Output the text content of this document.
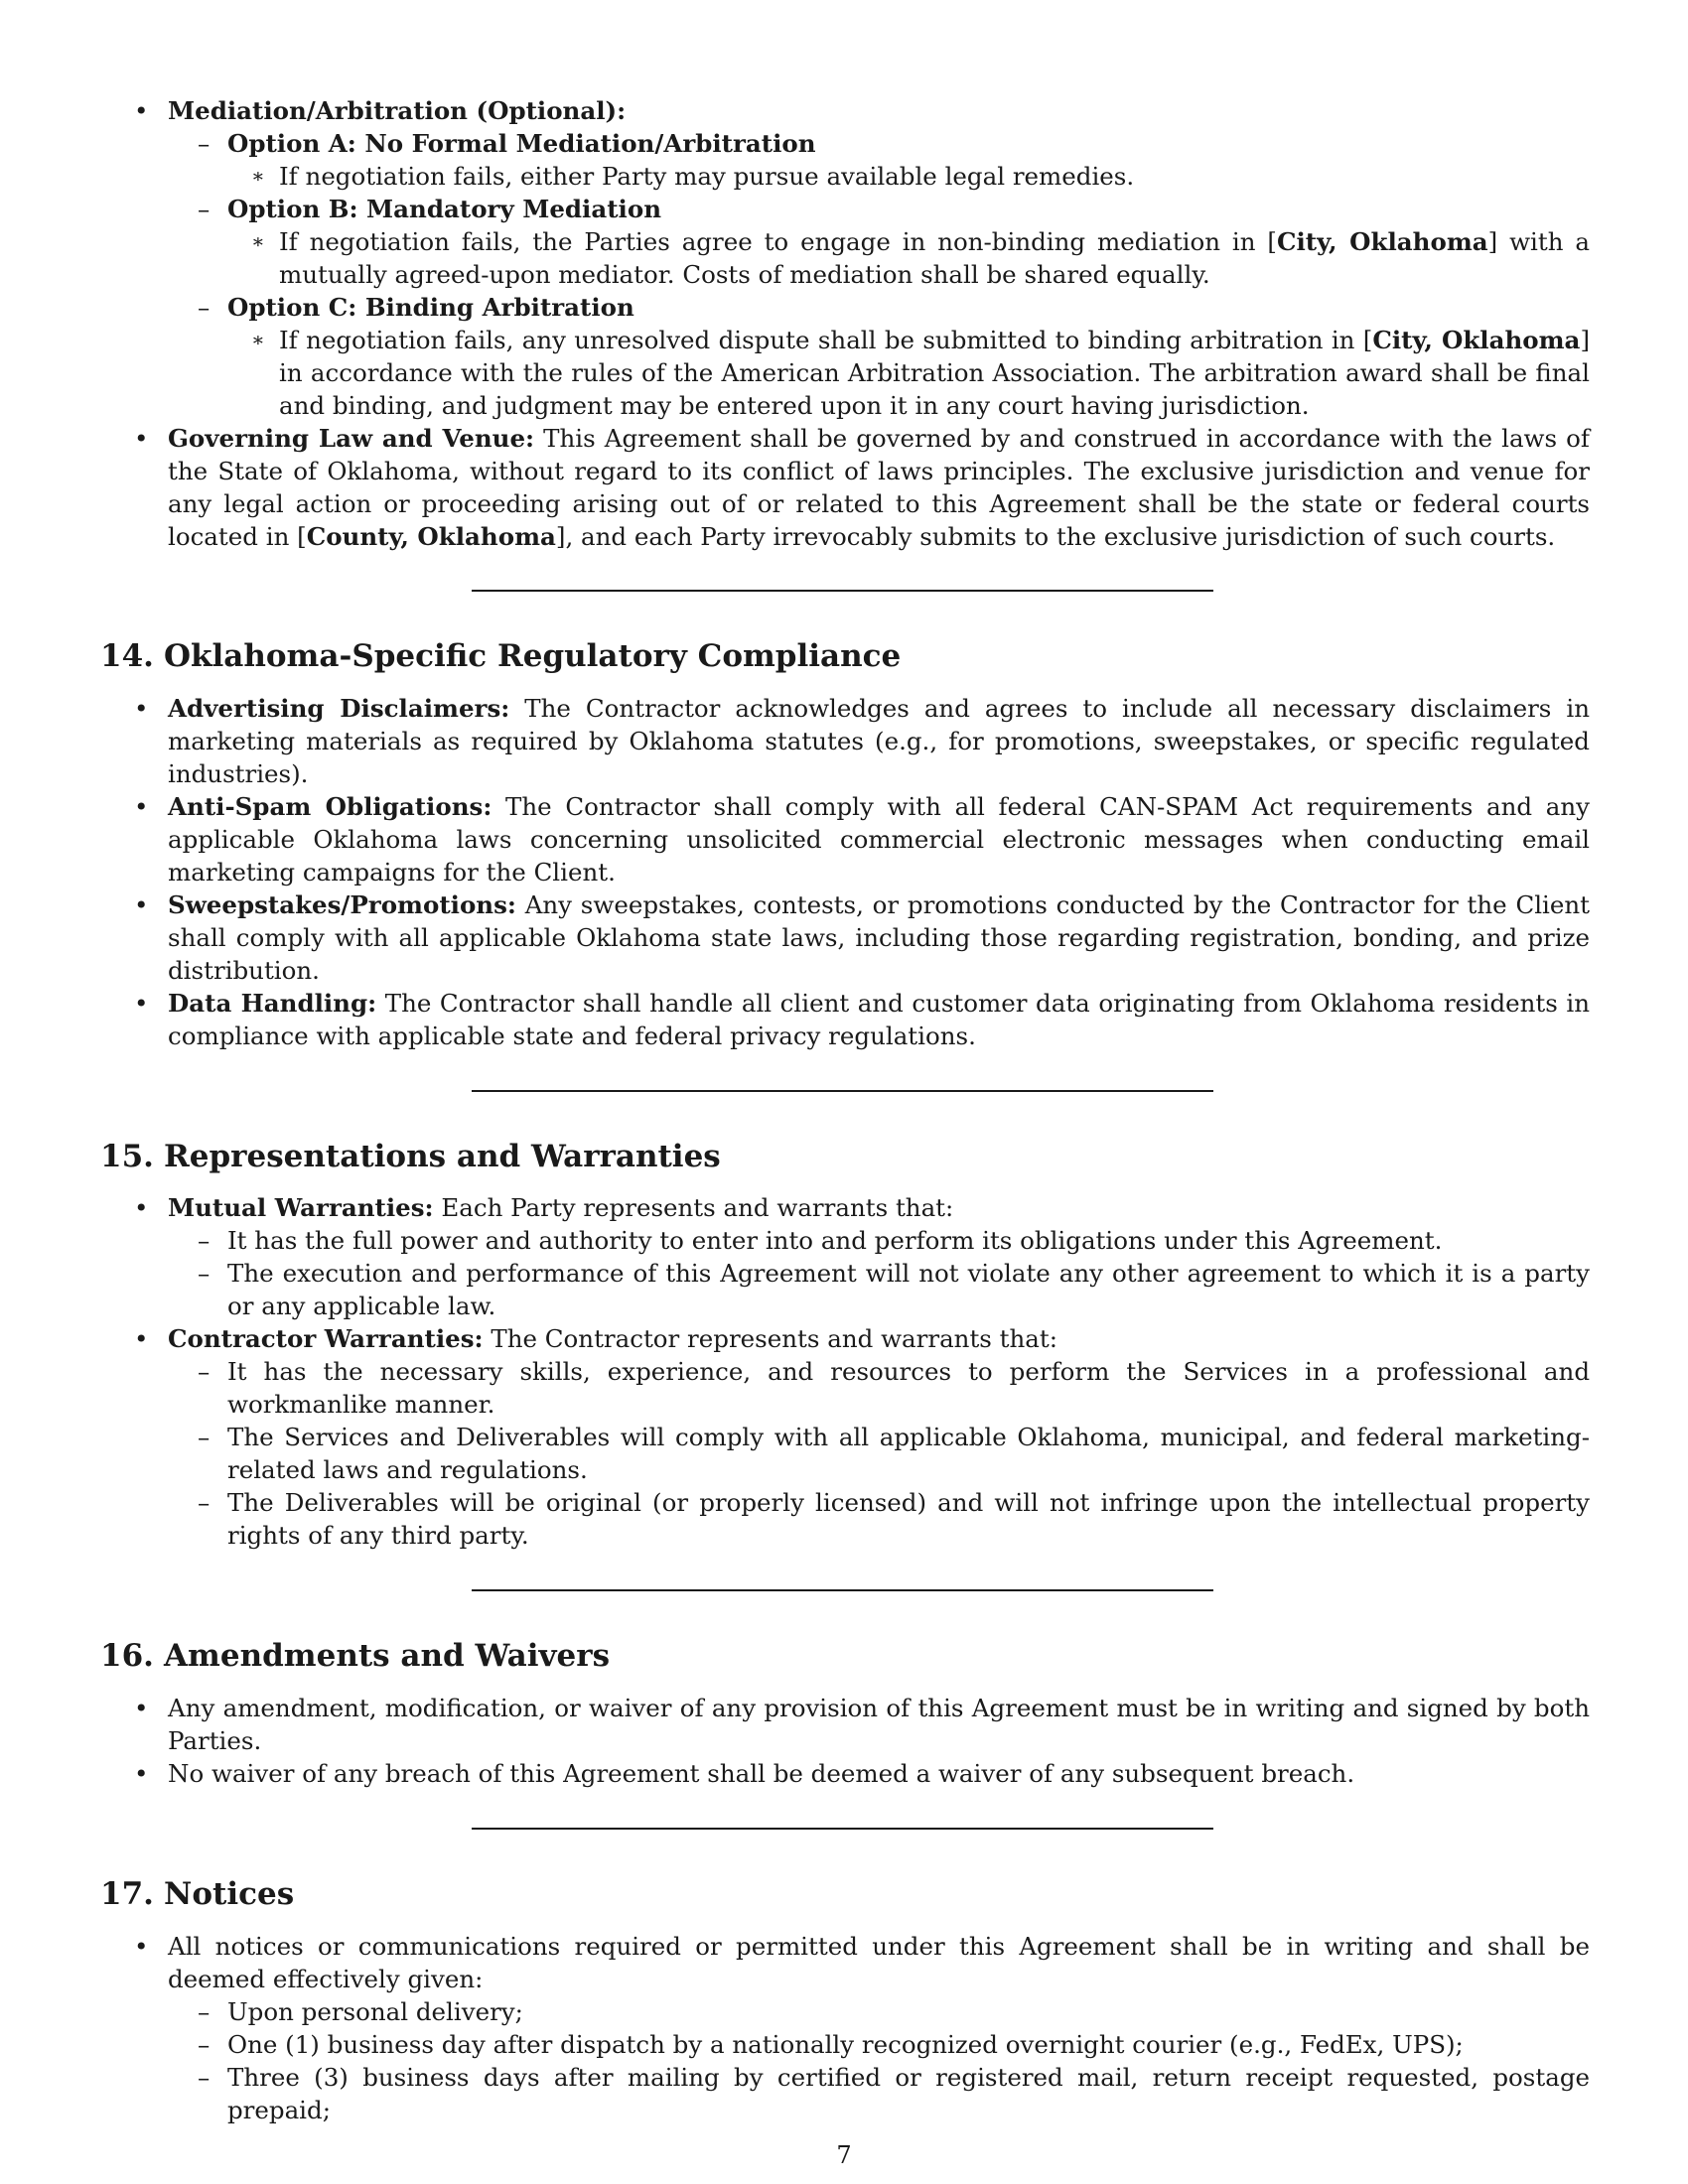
• Mediation/Arbitration (Optional):
– Option A: No Formal Mediation/Arbitration
∗ If negotiation fails, either Party may pursue available legal remedies.
– Option B: Mandatory Mediation
∗ If negotiation fails, the Parties agree to engage in non-binding mediation in [City, Oklahoma] with a mutually agreed-upon mediator. Costs of mediation shall be shared equally.
– Option C: Binding Arbitration
∗ If negotiation fails, any unresolved dispute shall be submitted to binding arbitration in [City, Oklahoma] in accordance with the rules of the American Arbitration Association. The arbitration award shall be final and binding, and judgment may be entered upon it in any court having jurisdiction.
• Governing Law and Venue: This Agreement shall be governed by and construed in accordance with the laws of the State of Oklahoma, without regard to its conflict of laws principles. The exclusive jurisdiction and venue for any legal action or proceeding arising out of or related to this Agreement shall be the state or federal courts located in [County, Oklahoma], and each Party irrevocably submits to the exclusive jurisdiction of such courts.
14. Oklahoma-Specific Regulatory Compliance
• Advertising Disclaimers: The Contractor acknowledges and agrees to include all necessary disclaimers in marketing materials as required by Oklahoma statutes (e.g., for promotions, sweepstakes, or specific regulated industries).
• Anti-Spam Obligations: The Contractor shall comply with all federal CAN-SPAM Act requirements and any applicable Oklahoma laws concerning unsolicited commercial electronic messages when conducting email marketing campaigns for the Client.
• Sweepstakes/Promotions: Any sweepstakes, contests, or promotions conducted by the Contractor for the Client shall comply with all applicable Oklahoma state laws, including those regarding registration, bonding, and prize distribution.
• Data Handling: The Contractor shall handle all client and customer data originating from Oklahoma residents in compliance with applicable state and federal privacy regulations.
15. Representations and Warranties
• Mutual Warranties: Each Party represents and warrants that:
– It has the full power and authority to enter into and perform its obligations under this Agreement.
– The execution and performance of this Agreement will not violate any other agreement to which it is a party or any applicable law.
• Contractor Warranties: The Contractor represents and warrants that:
– It has the necessary skills, experience, and resources to perform the Services in a professional and workmanlike manner.
– The Services and Deliverables will comply with all applicable Oklahoma, municipal, and federal marketing-related laws and regulations.
– The Deliverables will be original (or properly licensed) and will not infringe upon the intellectual property rights of any third party.
16. Amendments and Waivers
• Any amendment, modification, or waiver of any provision of this Agreement must be in writing and signed by both Parties.
• No waiver of any breach of this Agreement shall be deemed a waiver of any subsequent breach.
17. Notices
• All notices or communications required or permitted under this Agreement shall be in writing and shall be deemed effectively given:
– Upon personal delivery;
– One (1) business day after dispatch by a nationally recognized overnight courier (e.g., FedEx, UPS);
– Three (3) business days after mailing by certified or registered mail, return receipt requested, postage prepaid;
7
